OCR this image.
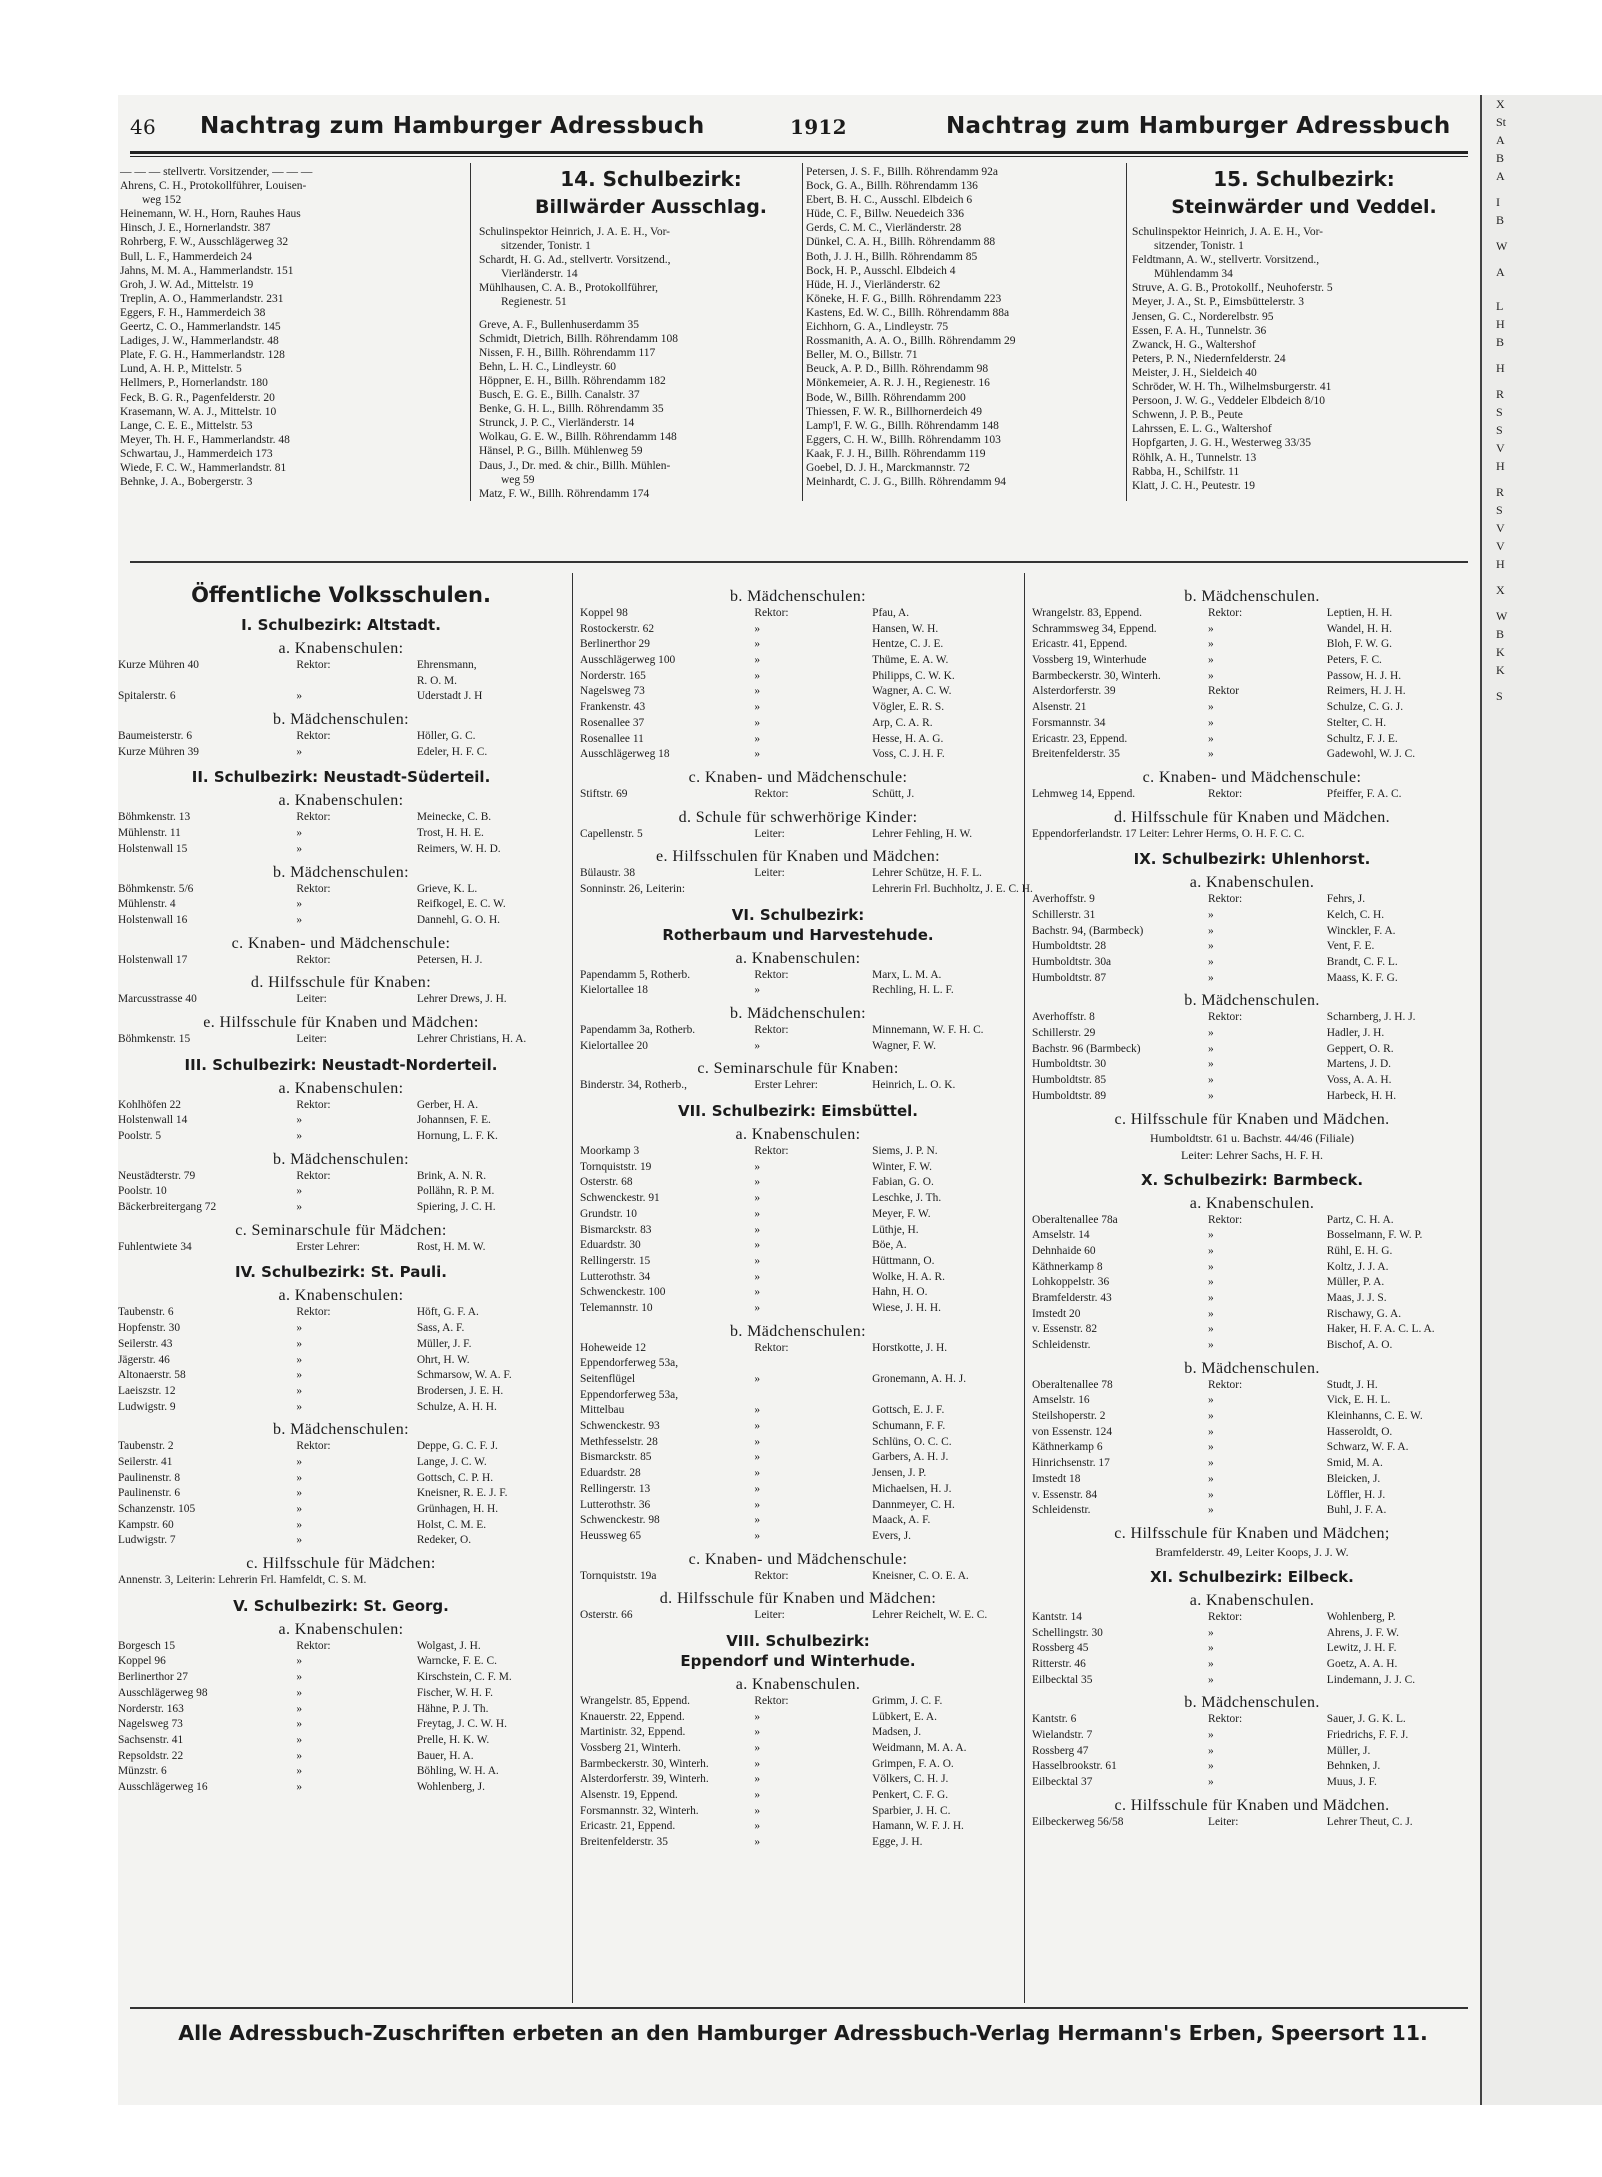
46 Nachtrag zum Hamburger Adressbuch	1912	Nachtrag zum Hamburger Adressbuch
— — — stellvertr. Vorsitzender, — — —
Ahrens, C. H., Protokollführer, Louisen-
weg 152
Heinemann, W. H., Horn, Rauhes Haus
Hinsch, J. E., Hornerlandstr. 387
Rohrberg, F. W., Ausschlägerweg 32
Bull, L. F., Hammerdeich 24
Jahns, M. M. A., Hammerlandstr. 151
Groh, J. W. Ad., Mittelstr. 19
Treplin, A. O., Hammerlandstr. 231
Eggers, F. H., Hammerdeich 38
Geertz, C. O., Hammerlandstr. 145
Ladiges, J. W., Hammerlandstr. 48
Plate, F. G. H., Hammerlandstr. 128
Lund, A. H. P., Mittelstr. 5
Hellmers, P., Hornerlandstr. 180
Feck, B. G. R., Pagenfelderstr. 20
Krasemann, W. A. J., Mittelstr. 10
Lange, C. E. E., Mittelstr. 53
Meyer, Th. H. F., Hammerlandstr. 48
Schwartau, J., Hammerdeich 173
Wiede, F. C. W., Hammerlandstr. 81
Behnke, J. A., Bobergerstr. 3
14. Schulbezirk:
Billwärder Ausschlag.
Schulinspektor Heinrich, J. A. E. H., Vor-
sitzender, Tonistr. 1
Schardt, H. G. Ad., stellvertr. Vorsitzend.,
Vierländerstr. 14
Mühlhausen, C. A. B., Protokollführer,
Regienestr. 51
Greve, A. F., Bullenhuserdamm 35
Schmidt, Dietrich, Billh. Röhrendamm 108
Nissen, F. H., Billh. Röhrendamm 117
Behn, L. H. C., Lindleystr. 60
Höppner, E. H., Billh. Röhrendamm 182
Busch, E. G. E., Billh. Canalstr. 37
Benke, G. H. L., Billh. Röhrendamm 35
Strunck, J. P. C., Vierländerstr. 14
Wolkau, G. E. W., Billh. Röhrendamm 148
Hänsel, P. G., Billh. Mühlenweg 59
Daus, J., Dr. med. & chir., Billh. Mühlen-
weg 59
Matz, F. W., Billh. Röhrendamm 174
Petersen, J. S. F., Billh. Röhrendamm 92a
Bock, G. A., Billh. Röhrendamm 136
Ebert, B. H. C., Ausschl. Elbdeich 6
Hüde, C. F., Billw. Neuedeich 336
Gerds, C. M. C., Vierländerstr. 28
Dünkel, C. A. H., Billh. Röhrendamm 88
Both, J. J. H., Billh. Röhrendamm 85
Bock, H. P., Ausschl. Elbdeich 4
Hüde, H. J., Vierländerstr. 62
Köneke, H. F. G., Billh. Röhrendamm 223
Kastens, Ed. W. C., Billh. Röhrendamm 88a
Eichhorn, G. A., Lindleystr. 75
Rossmanith, A. A. O., Billh. Röhrendamm 29
Beller, M. O., Billstr. 71
Beuck, A. P. D., Billh. Röhrendamm 98
Mönkemeier, A. R. J. H., Regienestr. 16
Bode, W., Billh. Röhrendamm 200
Thiessen, F. W. R., Billhornerdeich 49
Lamp'l, F. W. G., Billh. Röhrendamm 148
Eggers, C. H. W., Billh. Röhrendamm 103
Kaak, F. J. H., Billh. Röhrendamm 119
Goebel, D. J. H., Marckmannstr. 72
Meinhardt, C. J. G., Billh. Röhrendamm 94
15. Schulbezirk:
Steinwärder und Veddel.
Schulinspektor Heinrich, J. A. E. H., Vor-
sitzender, Tonistr. 1
Feldtmann, A. W., stellvertr. Vorsitzend.,
Mühlendamm 34
Struve, A. G. B., Protokollf., Neuhoferstr. 5
Meyer, J. A., St. P., Eimsbüttelerstr. 3
Jensen, G. C., Norderelbstr. 95
Essen, F. A. H., Tunnelstr. 36
Zwanck, H. G., Waltershof
Peters, P. N., Niedernfelderstr. 24
Meister, J. H., Sieldeich 40
Schröder, W. H. Th., Wilhelmsburgerstr. 41
Persoon, J. W. G., Veddeler Elbdeich 8/10
Schwenn, J. P. B., Peute
Lahrssen, E. L. G., Waltershof
Hopfgarten, J. G. H., Westerweg 33/35
Röhlk, A. H., Tunnelstr. 13
Rabba, H., Schilfstr. 11
Klatt, J. C. H., Peutestr. 19
Öffentliche Volksschulen.
I. Schulbezirk: Altstadt.
a. Knabenschulen:
Kurze Mühren 40	Rektor:	Ehrensmann,
R. O. M.
Spitalerstr. 6	»	Uderstadt J. H
b. Mädchenschulen:
Baumeisterstr. 6	Rektor:	Höller, G. C.
Kurze Mühren 39	»	Edeler, H. F. C.
II. Schulbezirk: Neustadt-Süderteil.
a. Knabenschulen:
Böhmkenstr. 13	Rektor:	Meinecke, C. B.
Mühlenstr. 11	»	Trost, H. H. E.
Holstenwall 15	»	Reimers, W. H. D.
b. Mädchenschulen:
Böhmkenstr. 5/6	Rektor:	Grieve, K. L.
Mühlenstr. 4	»	Reifkogel, E. C. W.
Holstenwall 16	»	Dannehl, G. O. H.
c. Knaben- und Mädchenschule:
Holstenwall 17	Rektor:	Petersen, H. J.
d. Hilfsschule für Knaben:
Marcusstrasse 40	Leiter:	Lehrer Drews, J. H.
e. Hilfsschule für Knaben und Mädchen:
Böhmkenstr. 15	Leiter:	Lehrer Christians, H. A.
III. Schulbezirk: Neustadt-Norderteil.
a. Knabenschulen:
Kohlhöfen 22	Rektor:	Gerber, H. A.
Holstenwall 14	»	Johannsen, F. E.
Poolstr. 5	»	Hornung, L. F. K.
b. Mädchenschulen:
Neustädterstr. 79	Rektor:	Brink, A. N. R.
Poolstr. 10	»	Pollähn, R. P. M.
Bäckerbreitergang 72	»	Spiering, J. C. H.
c. Seminarschule für Mädchen:
Fuhlentwiete 34	Erster Lehrer:	Rost, H. M. W.
IV. Schulbezirk: St. Pauli.
a. Knabenschulen:
Taubenstr. 6	Rektor:	Höft, G. F. A.
Hopfenstr. 30	»	Sass, A. F.
Seilerstr. 43	»	Müller, J. F.
Jägerstr. 46	»	Ohrt, H. W.
Altonaerstr. 58	»	Schmarsow, W. A. F.
Laeiszstr. 12	»	Brodersen, J. E. H.
Ludwigstr. 9	»	Schulze, A. H. H.
b. Mädchenschulen:
Taubenstr. 2	Rektor:	Deppe, G. C. F. J.
Seilerstr. 41	»	Lange, J. C. W.
Paulinenstr. 8	»	Gottsch, C. P. H.
Paulinenstr. 6	»	Kneisner, R. E. J. F.
Schanzenstr. 105	»	Grünhagen, H. H.
Kampstr. 60	»	Holst, C. M. E.
Ludwigstr. 7	»	Redeker, O.
c. Hilfsschule für Mädchen:
Annenstr. 3, Leiterin: Lehrerin Frl. Hamfeldt, C. S. M.
V. Schulbezirk: St. Georg.
a. Knabenschulen:
Borgesch 15	Rektor:	Wolgast, J. H.
Koppel 96	»	Warncke, F. E. C.
Berlinerthor 27	»	Kirschstein, C. F. M.
Ausschlägerweg 98	»	Fischer, W. H. F.
Norderstr. 163	»	Hähne, P. J. Th.
Nagelsweg 73	»	Freytag, J. C. W. H.
Sachsenstr. 41	»	Prelle, H. K. W.
Repsoldstr. 22	»	Bauer, H. A.
Münzstr. 6	»	Böhling, W. H. A.
Ausschlägerweg 16	»	Wohlenberg, J.
b. Mädchenschulen:
Koppel 98	Rektor:	Pfau, A.
Rostockerstr. 62	»	Hansen, W. H.
Berlinerthor 29	»	Hentze, C. J. E.
Ausschlägerweg 100	»	Thüme, E. A. W.
Norderstr. 165	»	Philipps, C. W. K.
Nagelsweg 73	»	Wagner, A. C. W.
Frankenstr. 43	»	Vögler, E. R. S.
Rosenallee 37	»	Arp, C. A. R.
Rosenallee 11	»	Hesse, H. A. G.
Ausschlägerweg 18	»	Voss, C. J. H. F.
c. Knaben- und Mädchenschule:
Stiftstr. 69	Rektor:	Schütt, J.
d. Schule für schwerhörige Kinder:
Capellenstr. 5	Leiter:	Lehrer Fehling, H. W.
e. Hilfsschulen für Knaben und Mädchen:
Bülaustr. 38	Leiter:	Lehrer Schütze, H. F. L.
Sonninstr. 26, Leiterin:	Lehrerin Frl. Buchholtz, J. E. C. H.
VI. Schulbezirk:
Rotherbaum und Harvestehude.
a. Knabenschulen:
Papendamm 5, Rotherb.	Rektor:	Marx, L. M. A.
Kielortallee 18	»	Rechling, H. L. F.
b. Mädchenschulen:
Papendamm 3a, Rotherb.	Rektor:	Minnemann, W. F. H. C.
Kielortallee 20	»	Wagner, F. W.
c. Seminarschule für Knaben:
Binderstr. 34, Rotherb.,	Erster Lehrer:	Heinrich, L. O. K.
VII. Schulbezirk: Eimsbüttel.
a. Knabenschulen:
Moorkamp 3	Rektor:	Siems, J. P. N.
Tornquiststr. 19	»	Winter, F. W.
Osterstr. 68	»	Fabian, G. O.
Schwenckestr. 91	»	Leschke, J. Th.
Grundstr. 10	»	Meyer, F. W.
Bismarckstr. 83	»	Lüthje, H.
Eduardstr. 30	»	Böe, A.
Rellingerstr. 15	»	Hüttmann, O.
Lutterothstr. 34	»	Wolke, H. A. R.
Schwenckestr. 100	»	Hahn, H. O.
Telemannstr. 10	»	Wiese, J. H. H.
b. Mädchenschulen:
Hoheweide 12	Rektor:	Horstkotte, J. H.
Eppendorferweg 53a,
Seitenflügel	»	Gronemann, A. H. J.
Eppendorferweg 53a,
Mittelbau	»	Gottsch, E. J. F.
Schwenckestr. 93	»	Schumann, F. F.
Methfesselstr. 28	»	Schlüns, O. C. C.
Bismarckstr. 85	»	Garbers, A. H. J.
Eduardstr. 28	»	Jensen, J. P.
Rellingerstr. 13	»	Michaelsen, H. J.
Lutterothstr. 36	»	Dannmeyer, C. H.
Schwenckestr. 98	»	Maack, A. F.
Heussweg 65	»	Evers, J.
c. Knaben- und Mädchenschule:
Tornquiststr. 19a	Rektor:	Kneisner, C. O. E. A.
d. Hilfsschule für Knaben und Mädchen:
Osterstr. 66	Leiter:	Lehrer Reichelt, W. E. C.
VIII. Schulbezirk:
Eppendorf und Winterhude.
a. Knabenschulen.
Wrangelstr. 85, Eppend.	Rektor:	Grimm, J. C. F.
Knauerstr. 22, Eppend.	»	Lübkert, E. A.
Martinistr. 32, Eppend.	»	Madsen, J.
Vossberg 21, Winterh.	»	Weidmann, M. A. A.
Barmbeckerstr. 30, Winterh.	»	Grimpen, F. A. O.
Alsterdorferstr. 39, Winterh.	»	Völkers, C. H. J.
Alsenstr. 19, Eppend.	»	Penkert, C. F. G.
Forsmannstr. 32, Winterh.	»	Sparbier, J. H. C.
Ericastr. 21, Eppend.	»	Hamann, W. F. J. H.
Breitenfelderstr. 35	»	Egge, J. H.
b. Mädchenschulen.
Wrangelstr. 83, Eppend.	Rektor:	Leptien, H. H.
Schrammsweg 34, Eppend.	»	Wandel, H. H.
Ericastr. 41, Eppend.	»	Bloh, F. W. G.
Vossberg 19, Winterhude	»	Peters, F. C.
Barmbeckerstr. 30, Winterh.	»	Passow, H. J. H.
Alsterdorferstr. 39	Rektor	Reimers, H. J. H.
Alsenstr. 21	»	Schulze, C. G. J.
Forsmannstr. 34	»	Stelter, C. H.
Ericastr. 23, Eppend.	»	Schultz, F. J. E.
Breitenfelderstr. 35	»	Gadewohl, W. J. C.
c. Knaben- und Mädchenschule:
Lehmweg 14, Eppend.	Rektor:	Pfeiffer, F. A. C.
d. Hilfsschule für Knaben und Mädchen.
Eppendorferlandstr. 17 Leiter: Lehrer Herms, O. H. F. C. C.
IX. Schulbezirk: Uhlenhorst.
a. Knabenschulen.
Averhoffstr. 9	Rektor:	Fehrs, J.
Schillerstr. 31	»	Kelch, C. H.
Bachstr. 94, (Barmbeck)	»	Winckler, F. A.
Humboldtstr. 28	»	Vent, F. E.
Humboldtstr. 30a	»	Brandt, C. F. L.
Humboldtstr. 87	»	Maass, K. F. G.
b. Mädchenschulen.
Averhoffstr. 8	Rektor:	Scharnberg, J. H. J.
Schillerstr. 29	»	Hadler, J. H.
Bachstr. 96 (Barmbeck)	»	Geppert, O. R.
Humboldtstr. 30	»	Martens, J. D.
Humboldtstr. 85	»	Voss, A. A. H.
Humboldtstr. 89	»	Harbeck, H. H.
c. Hilfsschule für Knaben und Mädchen.
Humboldtstr. 61 u. Bachstr. 44/46 (Filiale)
Leiter: Lehrer Sachs, H. F. H.
X. Schulbezirk: Barmbeck.
a. Knabenschulen.
Oberaltenallee 78a	Rektor:	Partz, C. H. A.
Amselstr. 14	»	Bosselmann, F. W. P.
Dehnhaide 60	»	Rühl, E. H. G.
Käthnerkamp 8	»	Koltz, J. J. A.
Lohkoppelstr. 36	»	Müller, P. A.
Bramfelderstr. 43	»	Maas, J. J. S.
Imstedt 20	»	Rischawy, G. A.
v. Essenstr. 82	»	Haker, H. F. A. C. L. A.
Schleidenstr.	»	Bischof, A. O.
b. Mädchenschulen.
Oberaltenallee 78	Rektor:	Studt, J. H.
Amselstr. 16	»	Vick, E. H. L.
Steilshoperstr. 2	»	Kleinhanns, C. E. W.
von Essenstr. 124	»	Hasseroldt, O.
Käthnerkamp 6	»	Schwarz, W. F. A.
Hinrichsenstr. 17	»	Smid, M. A.
Imstedt 18	»	Bleicken, J.
v. Essenstr. 84	»	Löffler, H. J.
Schleidenstr.	»	Buhl, J. F. A.
c. Hilfsschule für Knaben und Mädchen;
Bramfelderstr. 49, Leiter Koops, J. J. W.
XI. Schulbezirk: Eilbeck.
a. Knabenschulen.
Kantstr. 14	Rektor:	Wohlenberg, P.
Schellingstr. 30	»	Ahrens, J. F. W.
Rossberg 45	»	Lewitz, J. H. F.
Ritterstr. 46	»	Goetz, A. A. H.
Eilbecktal 35	»	Lindemann, J. J. C.
b. Mädchenschulen.
Kantstr. 6	Rektor:	Sauer, J. G. K. L.
Wielandstr. 7	»	Friedrichs, F. F. J.
Rossberg 47	»	Müller, J.
Hasselbrookstr. 61	»	Behnken, J.
Eilbecktal 37	»	Muus, J. F.
c. Hilfsschule für Knaben und Mädchen.
Eilbeckerweg 56/58	Leiter:	Lehrer Theut, C. J.
Alle Adressbuch-Zuschriften erbeten an den Hamburger Adressbuch-Verlag Hermann's Erben, Speersort 11.
X
St
A
B
A
I
B
W
A
L
H
B
H
R
S
S
V
H
R
S
V
V
H
X
W
B
K
K
S
